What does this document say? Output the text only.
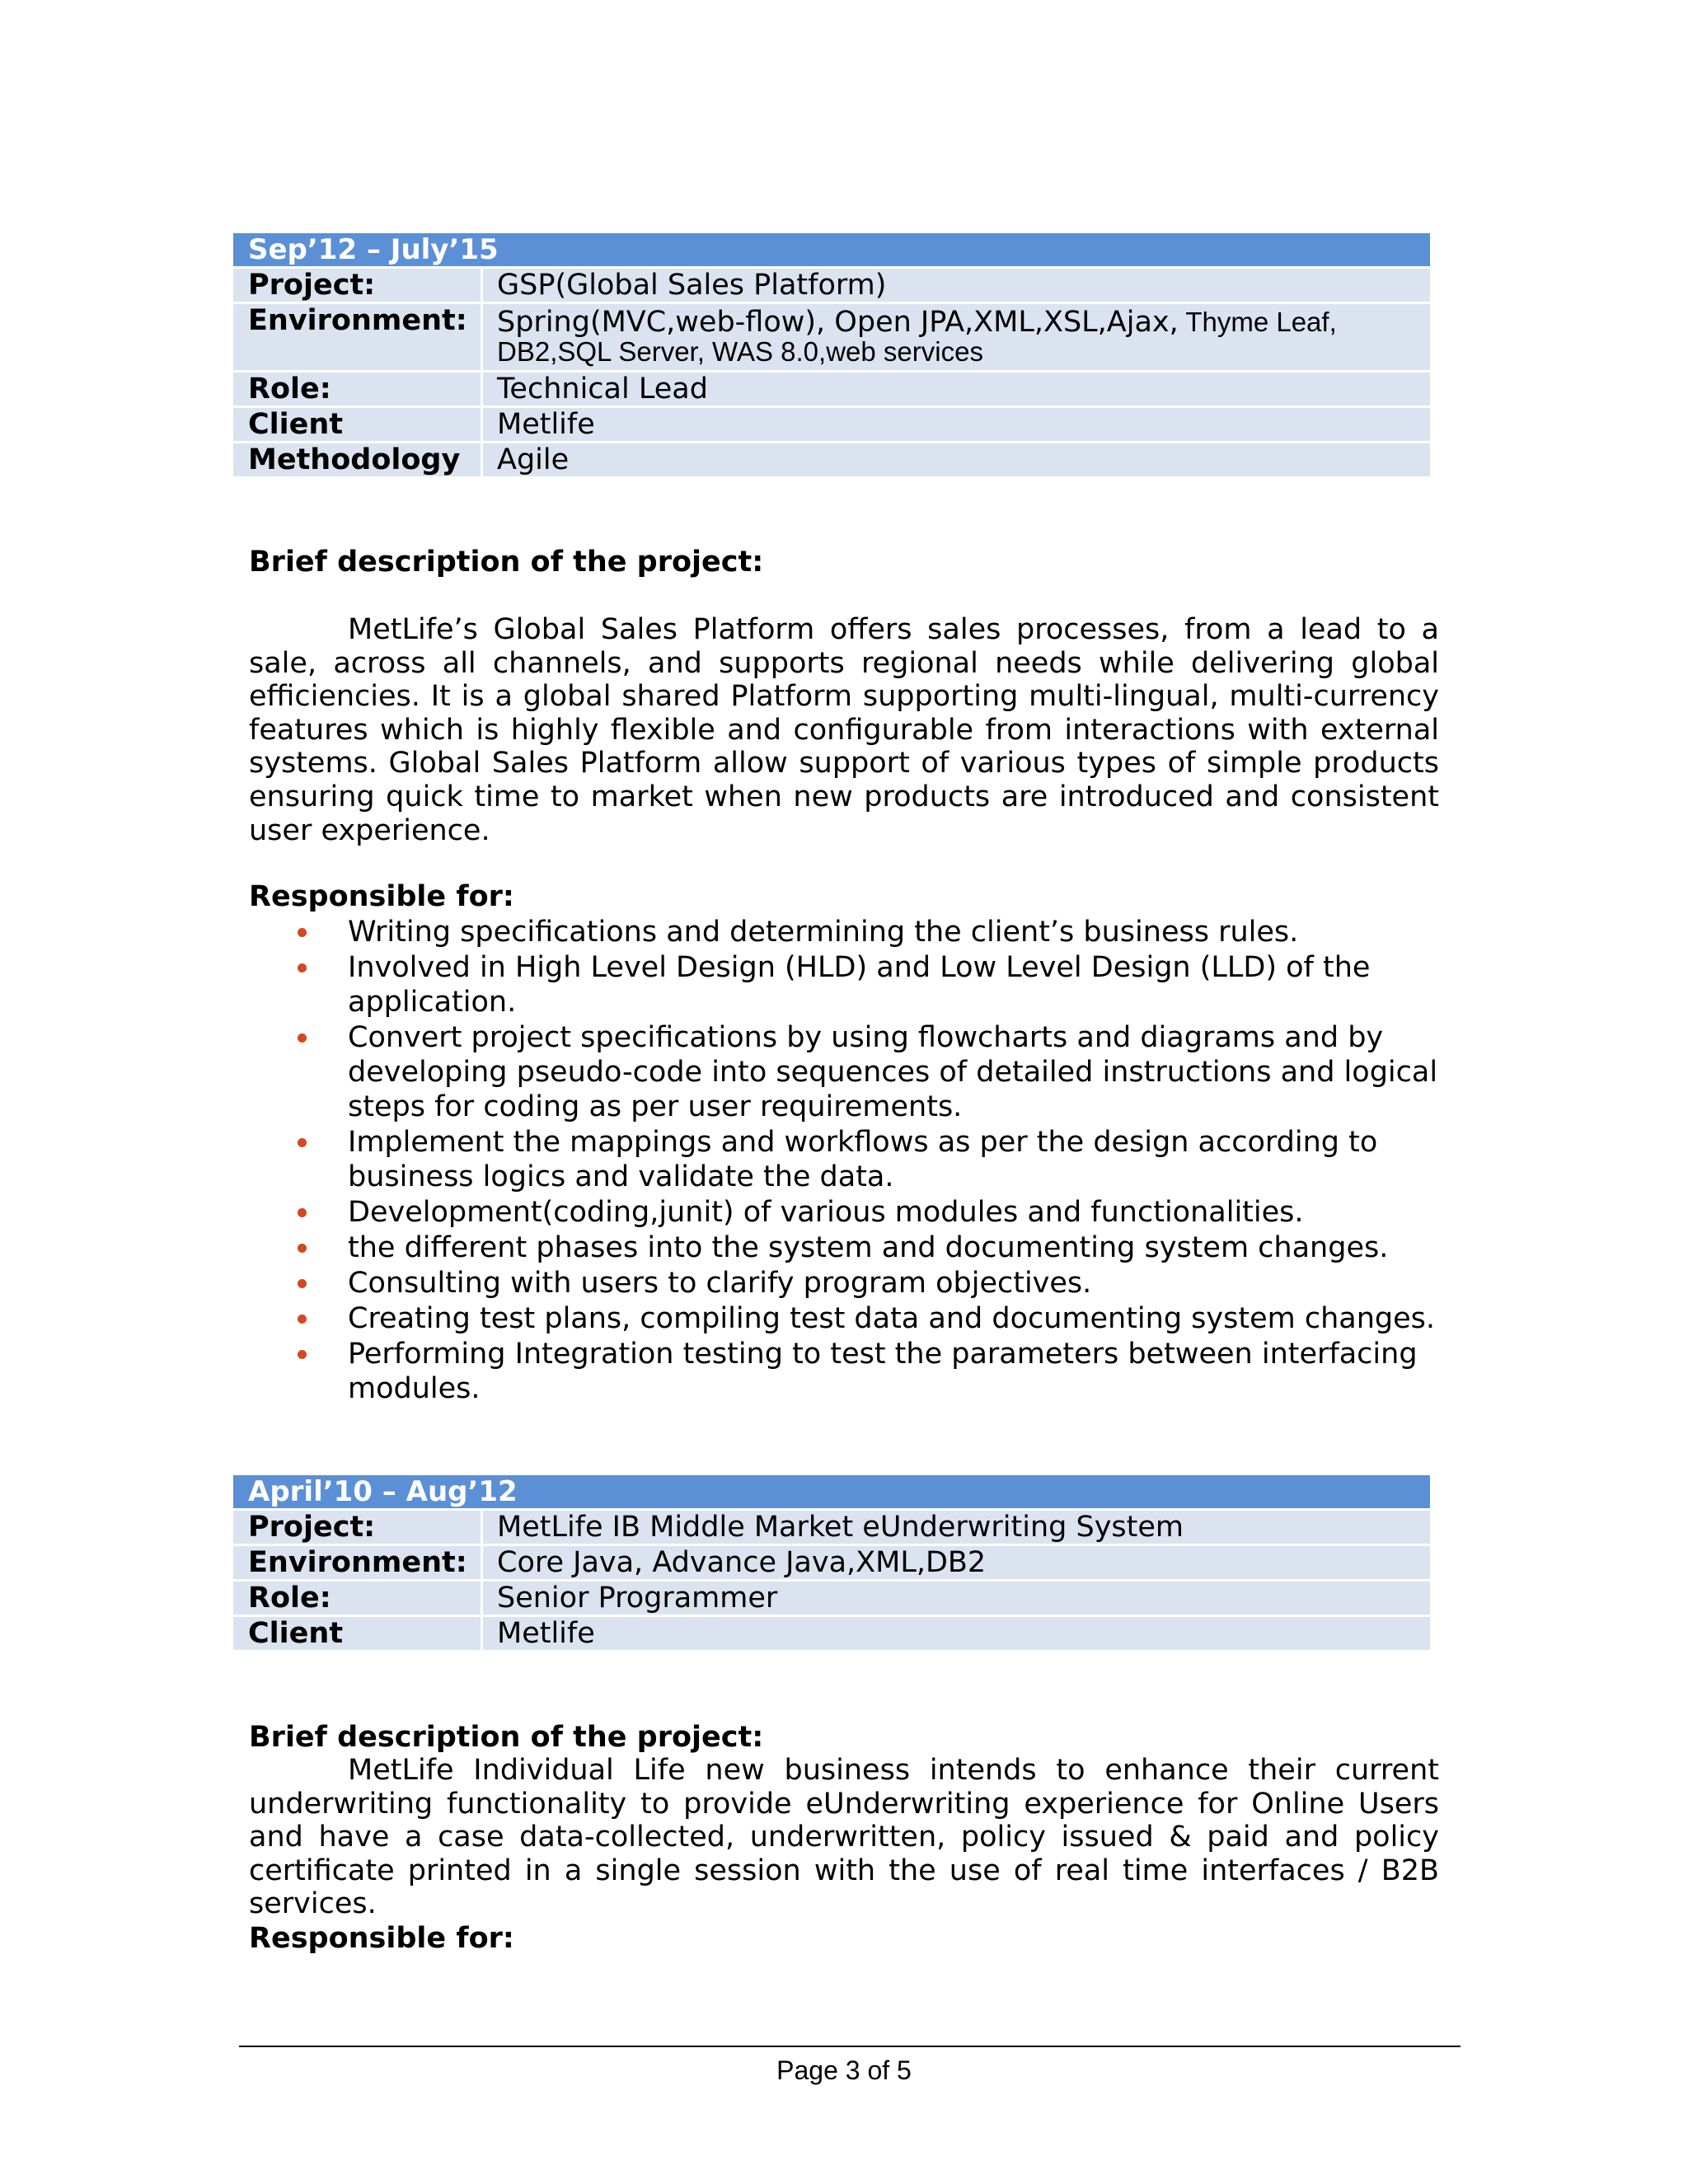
Sep’12 – July’15
Project:	GSP(Global Sales Platform)
Environment:	Spring(MVC,web-flow), Open JPA,XML,XSL,Ajax, Thyme Leaf,
DB2,SQL Server, WAS 8.0,web services
Role:	Technical Lead
Client	Metlife
Methodology	Agile
Brief description of the project:
MetLife’s Global Sales Platform offers sales processes, from a lead to a sale, across all channels, and supports regional needs while delivering global efficiencies. It is a global shared Platform supporting multi-lingual, multi-currency features which is highly flexible and configurable from interactions with external systems. Global Sales Platform allow support of various types of simple products ensuring quick time to market when new products are introduced and consistent user experience.
Responsible for:
Writing specifications and determining the client’s business rules.
Involved in High Level Design (HLD) and Low Level Design (LLD) of the application.
Convert project specifications by using flowcharts and diagrams and by developing pseudo-code into sequences of detailed instructions and logical steps for coding as per user requirements.
Implement the mappings and workflows as per the design according to business logics and validate the data.
Development(coding,junit) of various modules and functionalities.
the different phases into the system and documenting system changes.
Consulting with users to clarify program objectives.
Creating test plans, compiling test data and documenting system changes.
Performing Integration testing to test the parameters between interfacing modules.
April’10 – Aug’12
Project:	MetLife IB Middle Market eUnderwriting System
Environment:	Core Java, Advance Java,XML,DB2
Role:	Senior Programmer
Client	Metlife
Brief description of the project:
MetLife Individual Life new business intends to enhance their current underwriting functionality to provide eUnderwriting experience for Online Users and have a case data-collected, underwritten, policy issued & paid and policy certificate printed in a single session with the use of real time interfaces / B2B services.
Responsible for:
Page 3 of 5
